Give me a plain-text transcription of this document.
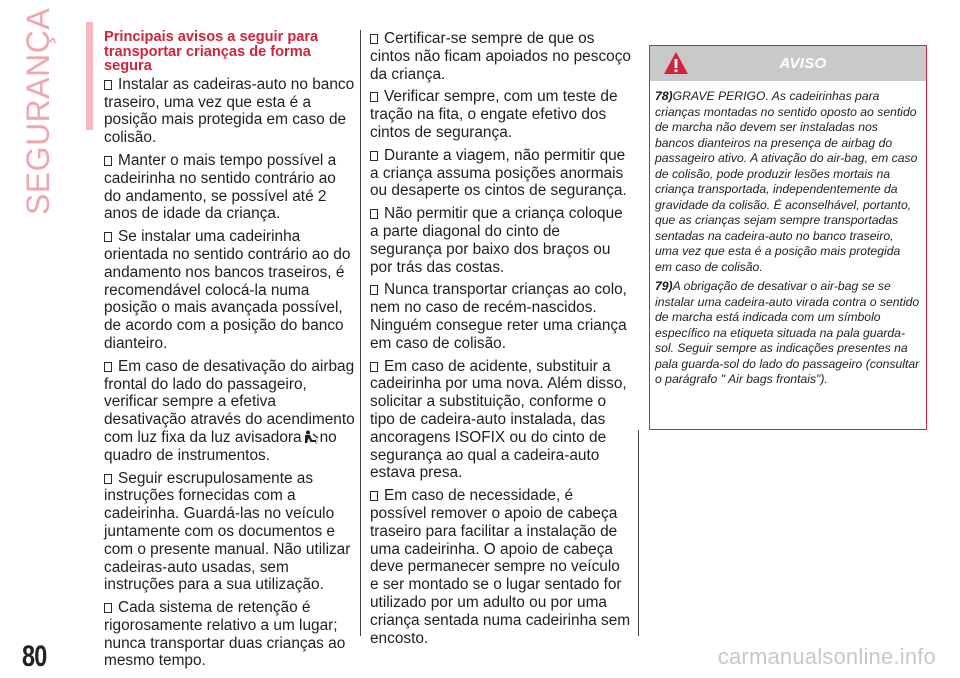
SEGURANÇA
80
Principais avisos a seguir para transportar crianças de forma segura

Instalar as cadeiras-auto no banco traseiro, uma vez que esta é a posição mais protegida em caso de colisão.

Manter o mais tempo possível a cadeirinha no sentido contrário ao do andamento, se possível até 2 anos de idade da criança.

Se instalar uma cadeirinha orientada no sentido contrário ao do andamento nos bancos traseiros, é recomendável colocá-la numa posição o mais avançada possível, de acordo com a posição do banco dianteiro.

Em caso de desativação do airbag frontal do lado do passageiro, verificar sempre a efetiva desativação através do acendimento com luz fixa da luz avisadora	2 no quadro de instrumentos.

Seguir escrupulosamente as instruções fornecidas com a cadeirinha. Guardá-las no veículo juntamente com os documentos e com o presente manual. Não utilizar cadeiras-auto usadas, sem instruções para a sua utilização.

Cada sistema de retenção é rigorosamente relativo a um lugar; nunca transportar duas crianças ao mesmo tempo.

Certificar-se sempre de que os cintos não ficam apoiados no pescoço da criança.

Verificar sempre, com um teste de tração na fita, o engate efetivo dos cintos de segurança.

Durante a viagem, não permitir que a criança assuma posições anormais ou desaperte os cintos de segurança.

Não permitir que a criança coloque a parte diagonal do cinto de segurança por baixo dos braços ou por trás das costas.

Nunca transportar crianças ao colo, nem no caso de recém-nascidos. Ninguém consegue reter uma criança em caso de colisão.

Em caso de acidente, substituir a cadeirinha por uma nova. Além disso, solicitar a substituição, conforme o tipo de cadeira-auto instalada, das ancoragens ISOFIX ou do cinto de segurança ao qual a cadeira-auto estava presa.

Em caso de necessidade, é possível remover o apoio de cabeça traseiro para facilitar a instalação de uma cadeirinha. O apoio de cabeça deve permanecer sempre no veículo e ser montado se o lugar sentado for utilizado por um adulto ou por uma criança sentada numa cadeirinha sem encosto.

AVISO

78)GRAVE PERIGO. As cadeirinhas para crianças montadas no sentido oposto ao sentido de marcha não devem ser instaladas nos bancos dianteiros na presença de airbag do passageiro ativo. A ativação do air-bag, em caso de colisão, pode produzir lesões mortais na criança transportada, independentemente da gravidade da colisão. É aconselhável, portanto, que as crianças sejam sempre transportadas sentadas na cadeira-auto no banco traseiro, uma vez que esta é a posição mais protegida em caso de colisão.

79)A obrigação de desativar o air-bag se se instalar uma cadeira-auto virada contra o sentido de marcha está indicada com um símbolo específico na etiqueta situada na pala guarda-sol. Seguir sempre as indicações presentes na pala guarda-sol do lado do passageiro (consultar o parágrafo " Air bags frontais").

carmanualsonline.info
